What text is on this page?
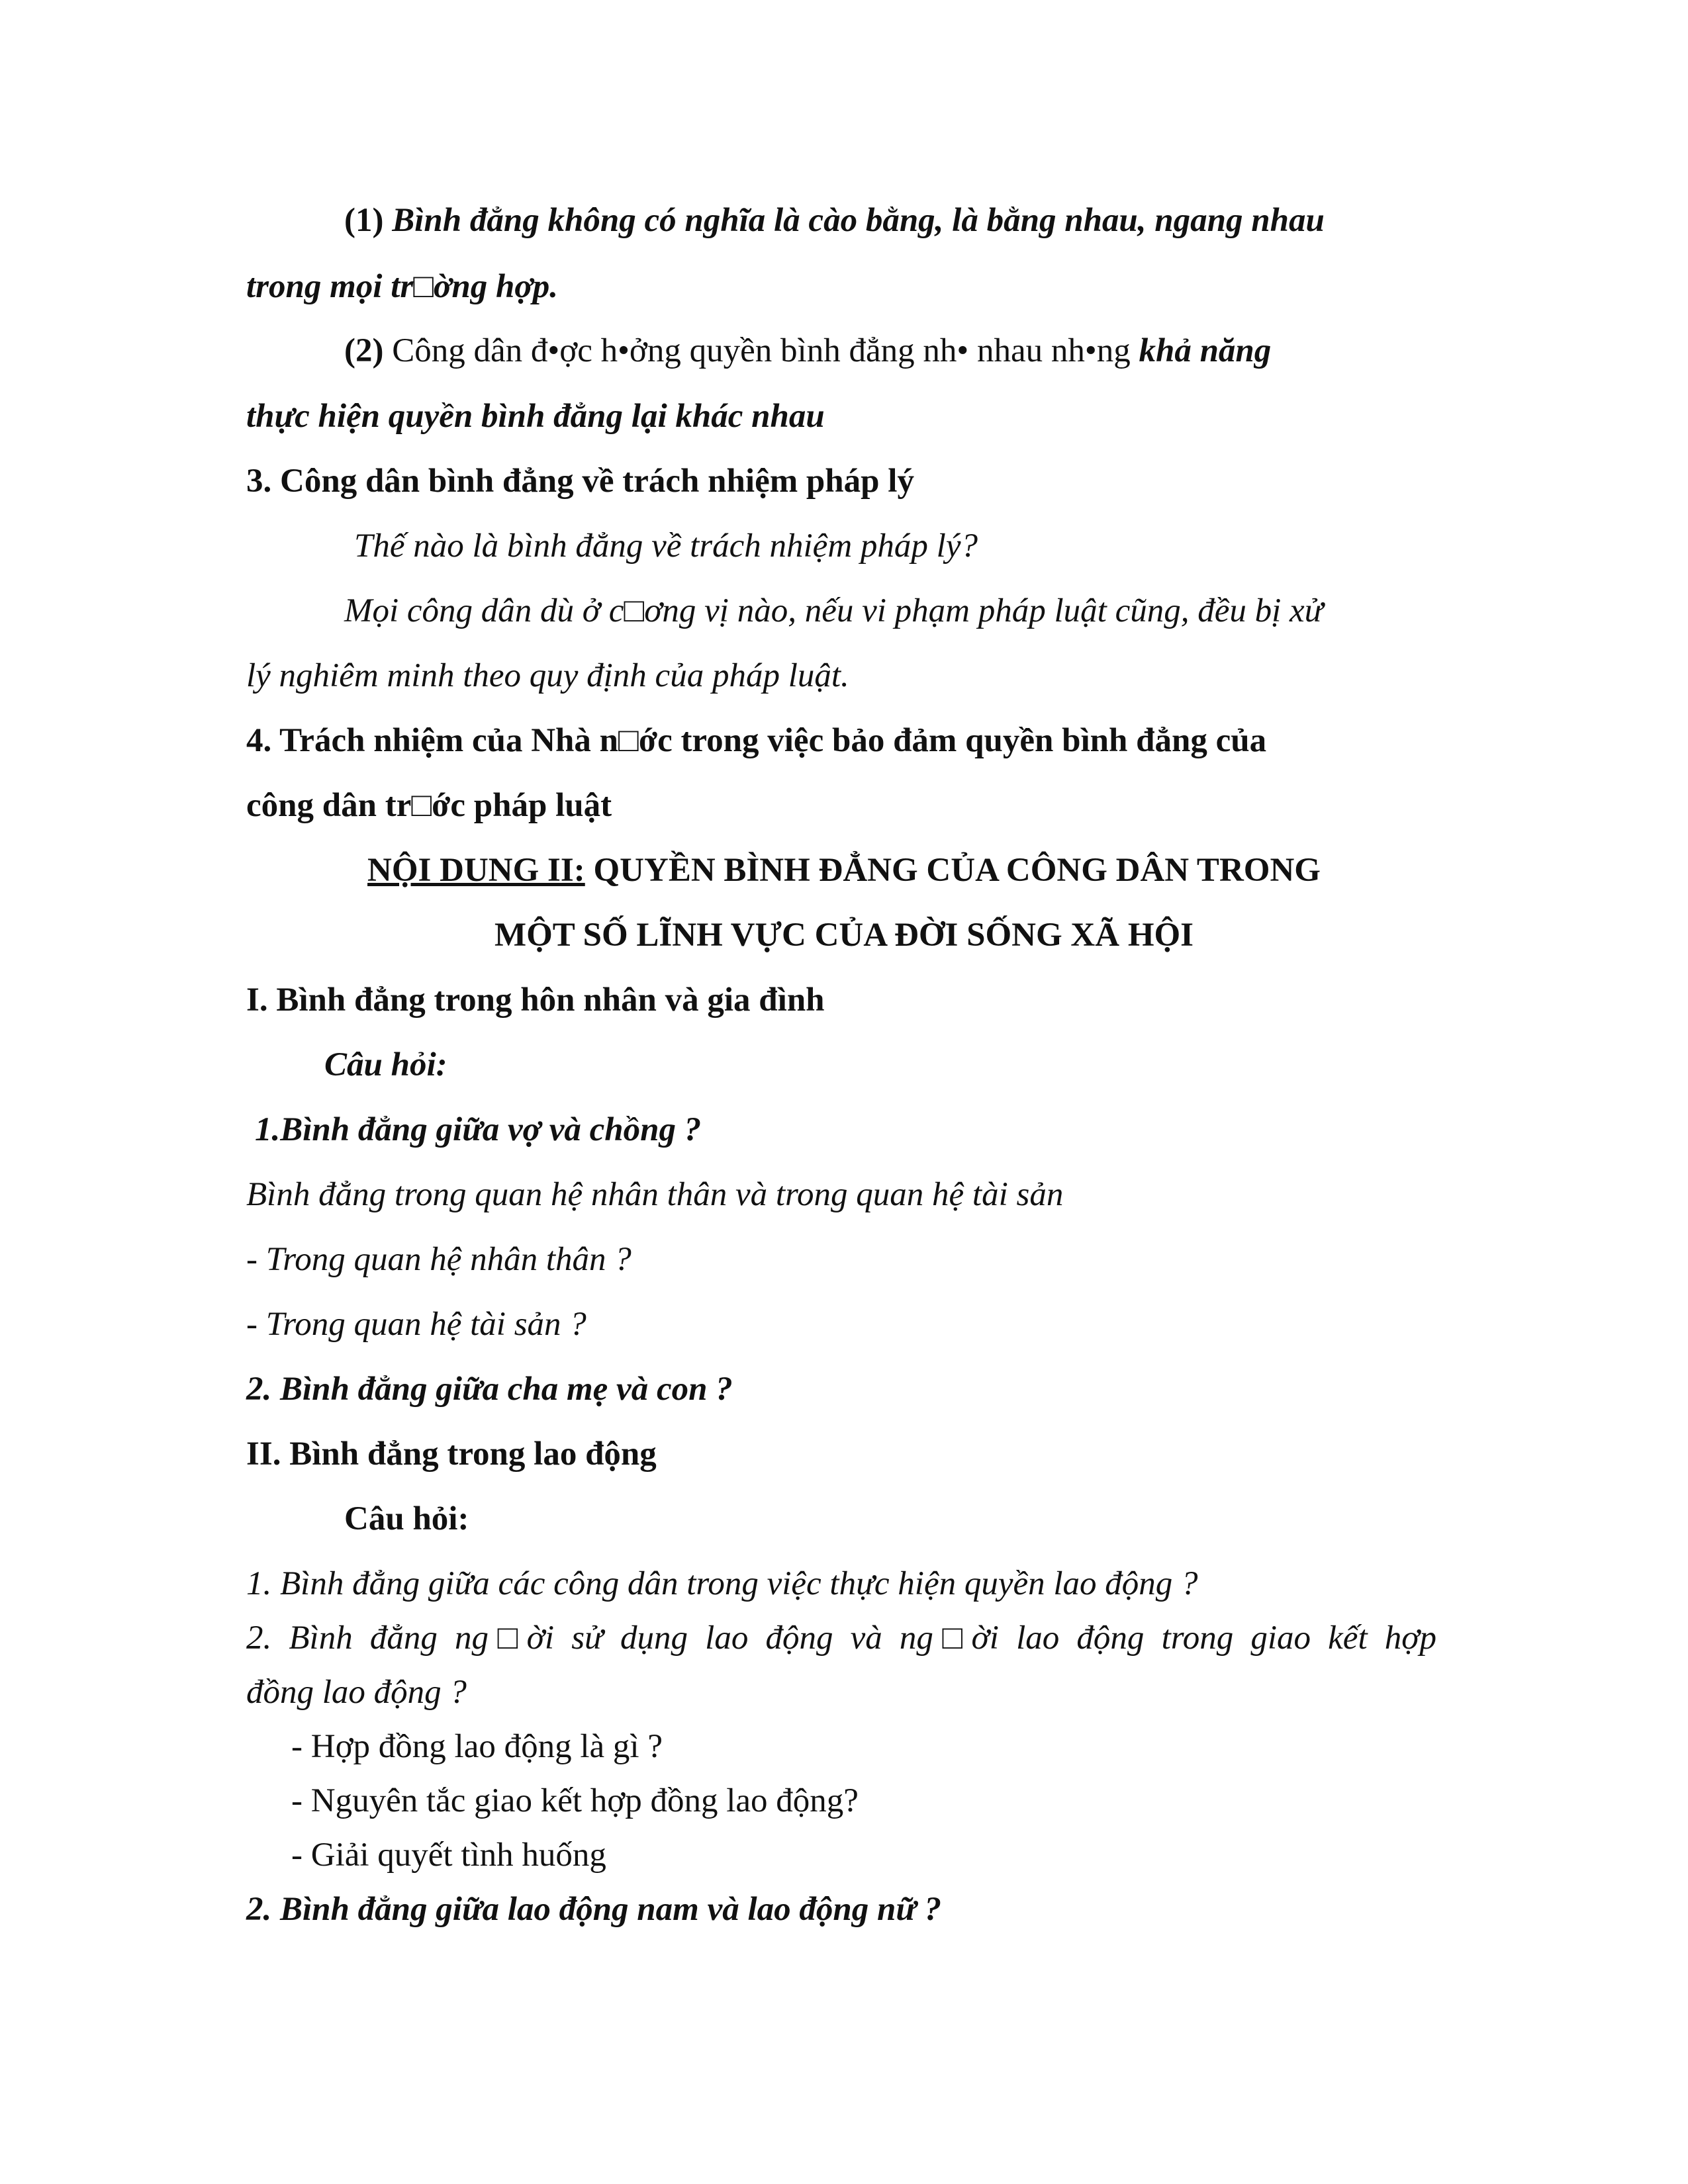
(1) Bình đẳng không có nghĩa là cào bằng, là bằng nhau, ngang nhau

trong mọi tr□ờng hợp.

(2) Công dân đ•ợc h•ởng quyền bình đẳng nh• nhau nh•ng khả năng

thực hiện quyền bình đẳng lại khác nhau

3. Công dân bình đẳng về trách nhiệm pháp lý

Thế nào là bình đẳng về trách nhiệm pháp lý?

Mọi công dân dù ở c□ơng vị nào, nếu vi phạm pháp luật cũng, đều bị xử

lý nghiêm minh theo quy định của pháp luật.

4. Trách nhiệm của Nhà n□ớc trong việc bảo đảm quyền bình đẳng của

công dân tr□ớc pháp luật

NỘI DUNG II: QUYỀN BÌNH ĐẲNG CỦA CÔNG DÂN TRONG

MỘT SỐ LĨNH VỰC CỦA ĐỜI SỐNG XÃ HỘI

I. Bình đẳng trong hôn nhân và gia đình

Câu hỏi:

1.Bình đẳng giữa vợ và chồng ?

Bình đẳng trong quan hệ nhân thân và trong quan hệ tài sản

- Trong quan hệ nhân thân ?

- Trong quan hệ tài sản ?

2. Bình đẳng giữa cha mẹ và con ?

II. Bình đẳng trong lao động

Câu hỏi:

1. Bình đẳng giữa các công dân trong việc thực hiện quyền lao động ?

2. Bình đẳng ng□ời sử dụng lao động và ng□ời lao động trong giao kết hợp

đồng lao động ?

- Hợp đồng lao động là gì ?

- Nguyên tắc giao kết hợp đồng lao động?

- Giải quyết tình huống

2. Bình đẳng giữa lao động nam và lao động nữ ?
